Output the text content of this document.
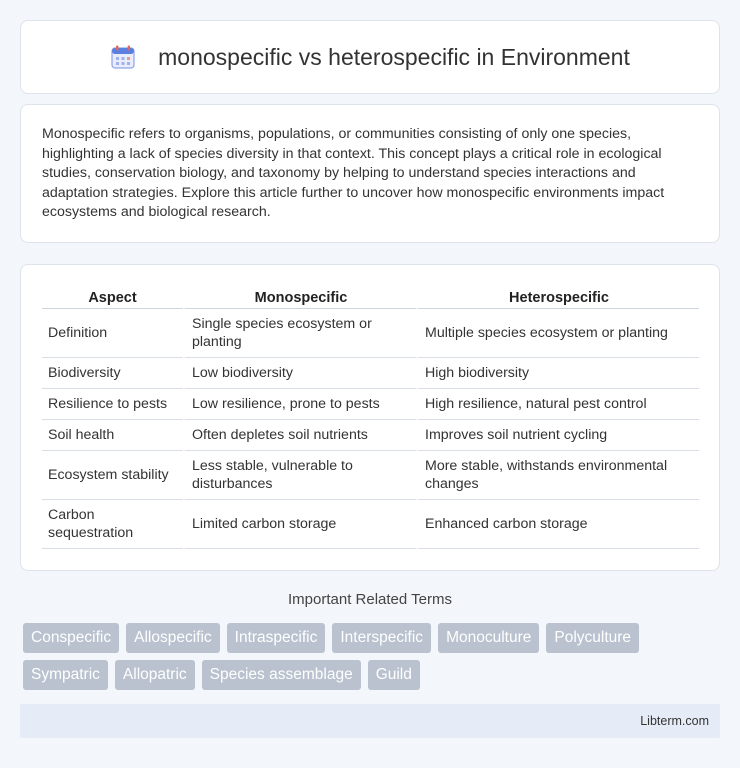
monospecific vs heterospecific in Environment

Monospecific refers to organisms, populations, or communities consisting of only one species, highlighting a lack of species diversity in that context. This concept plays a critical role in ecological studies, conservation biology, and taxonomy by helping to understand species interactions and adaptation strategies. Explore this article further to uncover how monospecific environments impact ecosystems and biological research.

Aspect	Monospecific	Heterospecific
Definition	Single species ecosystem or planting	Multiple species ecosystem or planting
Biodiversity	Low biodiversity	High biodiversity
Resilience to pests	Low resilience, prone to pests	High resilience, natural pest control
Soil health	Often depletes soil nutrients	Improves soil nutrient cycling
Ecosystem stability	Less stable, vulnerable to disturbances	More stable, withstands environmental changes
Carbon sequestration	Limited carbon storage	Enhanced carbon storage
Important Related Terms
Conspecific	Allospecific	Intraspecific	Interspecific	Monoculture	Polyculture
Sympatric	Allopatric	Species assemblage	Guild
Libterm.com
